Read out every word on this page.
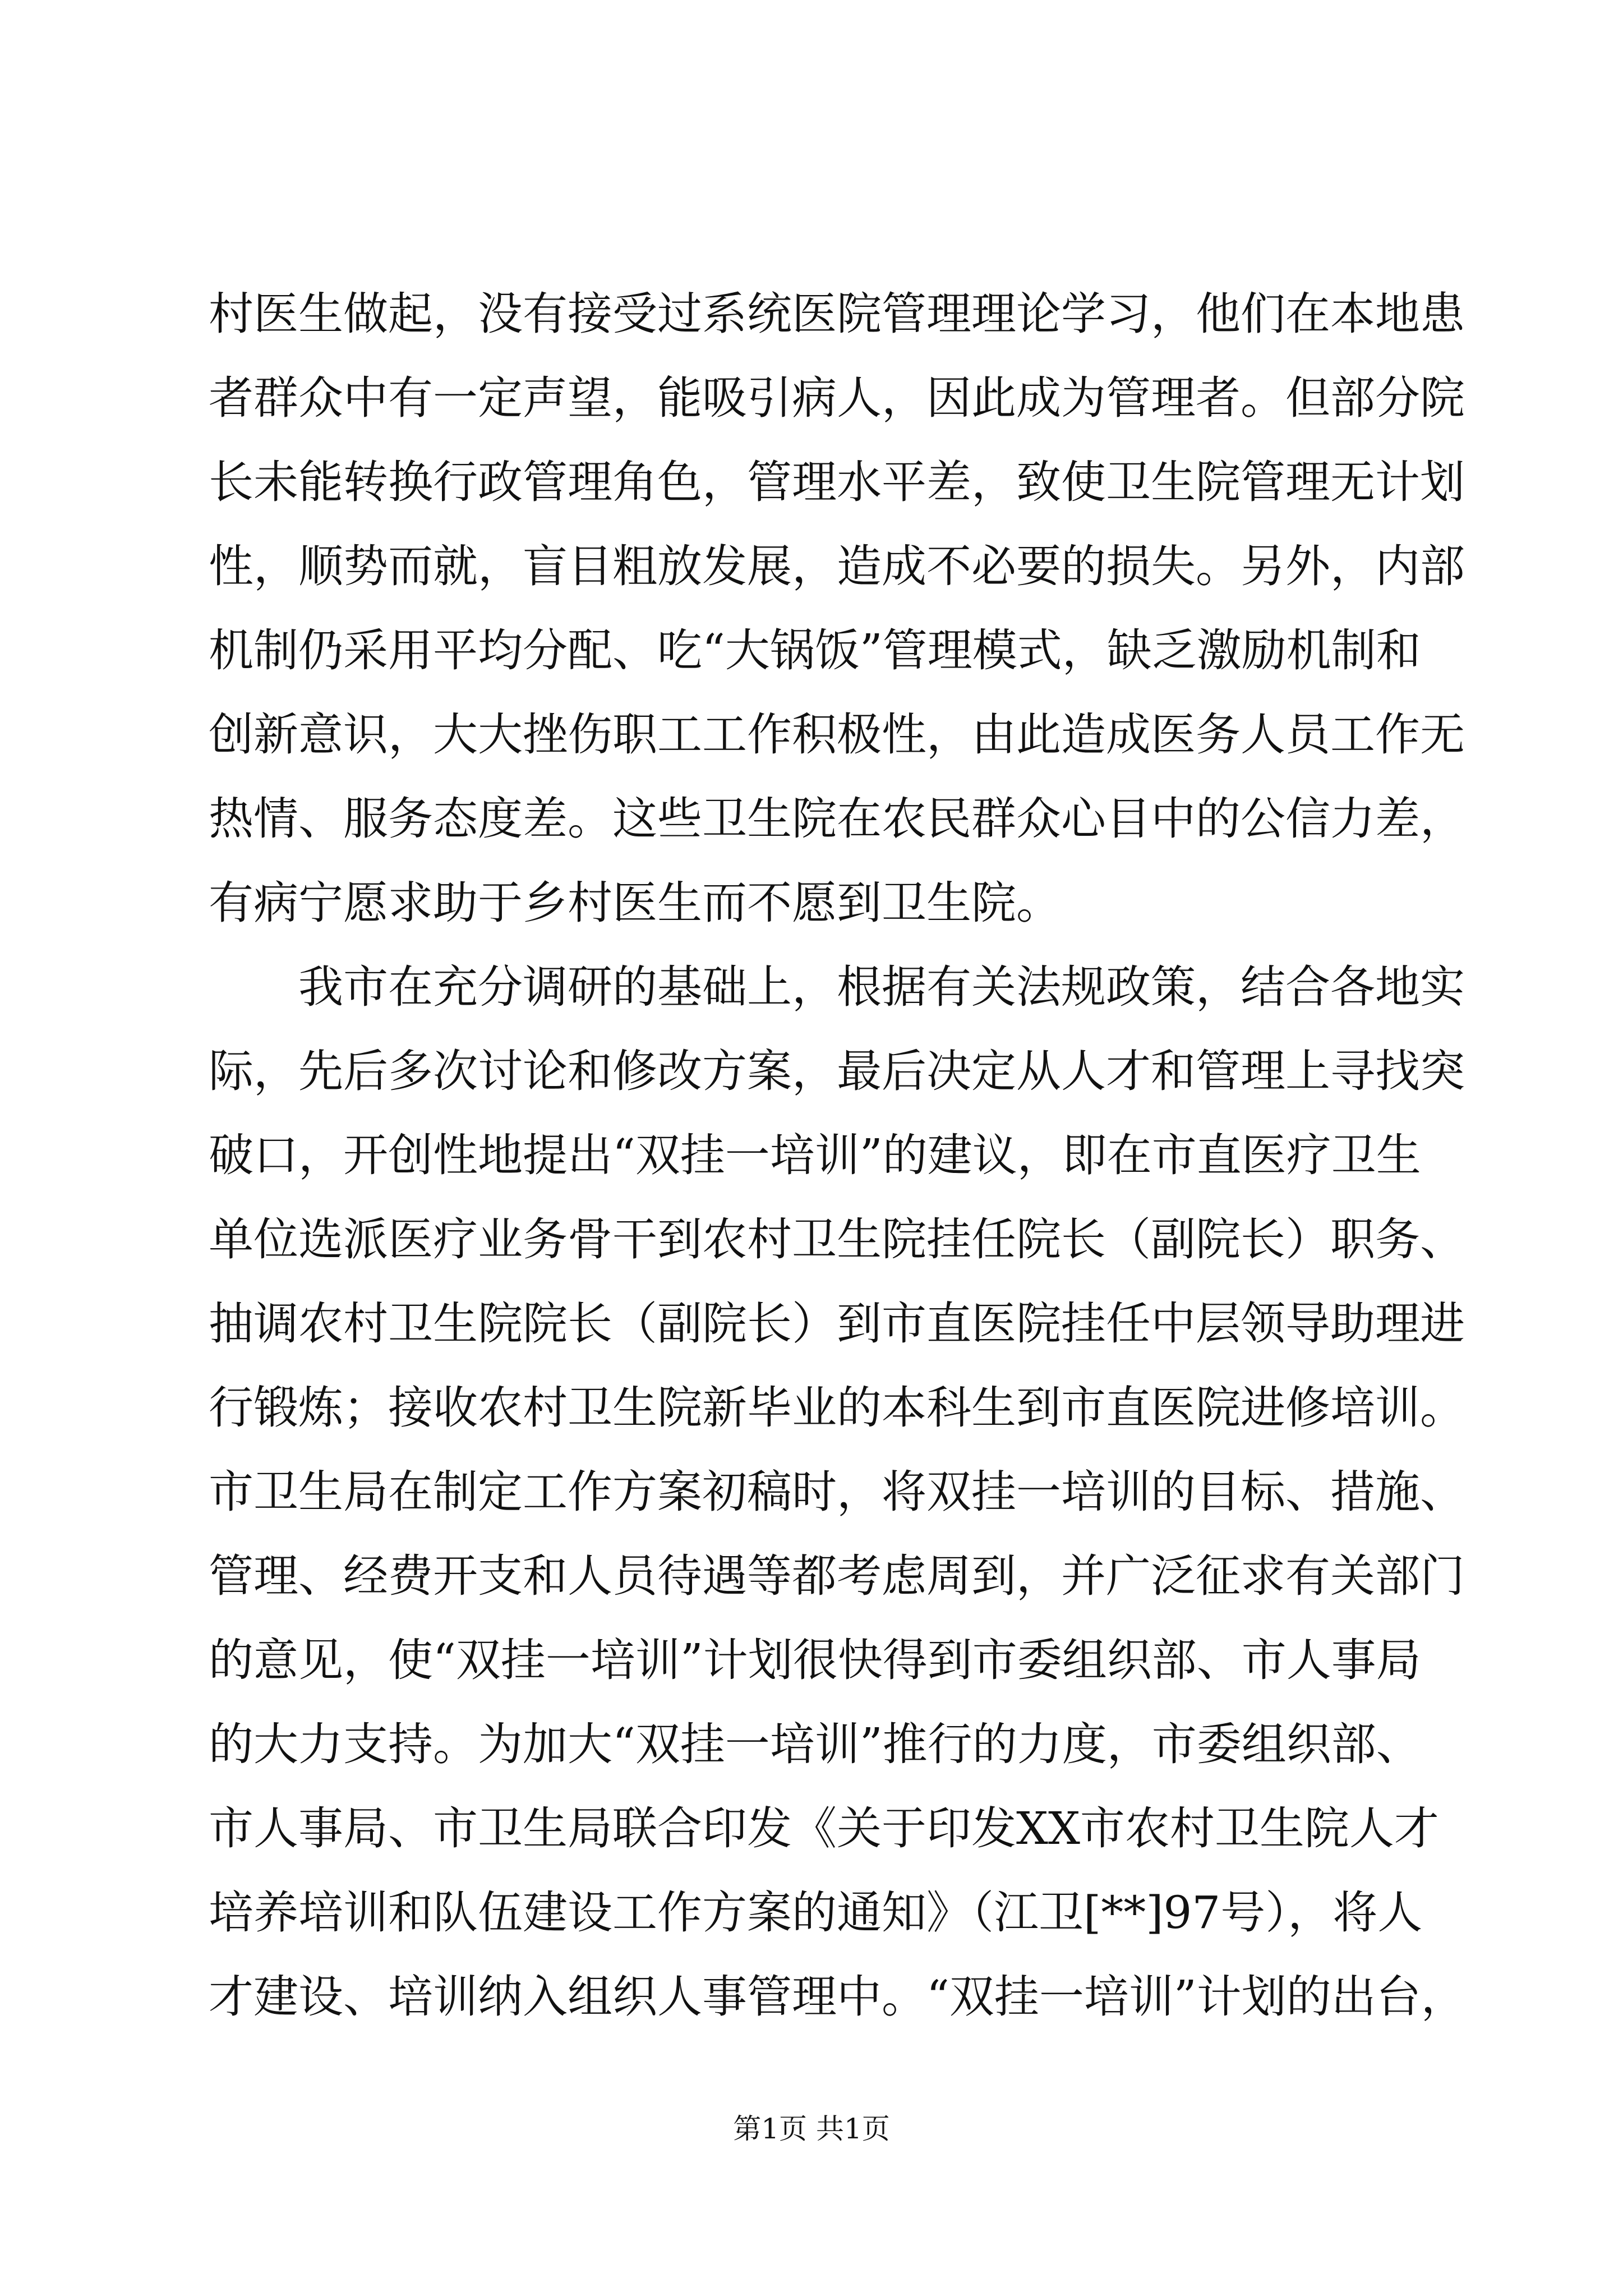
村医生做起，没有接受过系统医院管理理论学习，他们在本地患
者群众中有一定声望，能吸引病人，因此成为管理者。但部分院
长未能转换行政管理角色，管理水平差，致使卫生院管理无计划
性，顺势而就，盲目粗放发展，造成不必要的损失。另外，内部
机制仍采用平均分配、吃“大锅饭”管理模式，缺乏激励机制和
创新意识，大大挫伤职工工作积极性，由此造成医务人员工作无
热情、服务态度差。这些卫生院在农民群众心目中的公信力差，
有病宁愿求助于乡村医生而不愿到卫生院。
我市在充分调研的基础上，根据有关法规政策，结合各地实
际，先后多次讨论和修改方案，最后决定从人才和管理上寻找突
破口，开创性地提出“双挂一培训”的建议，即在市直医疗卫生
单位选派医疗业务骨干到农村卫生院挂任院长（副院长）职务、
抽调农村卫生院院长（副院长）到市直医院挂任中层领导助理进
行锻炼；接收农村卫生院新毕业的本科生到市直医院进修培训。
市卫生局在制定工作方案初稿时，将双挂一培训的目标、措施、
管理、经费开支和人员待遇等都考虑周到，并广泛征求有关部门
的意见，使“双挂一培训”计划很快得到市委组织部、市人事局
的大力支持。为加大“双挂一培训”推行的力度，市委组织部、
市人事局、市卫生局联合印发《关于印发XX市农村卫生院人才
培养培训和队伍建设工作方案的通知》（江卫[**]97号），将人
才建设、培训纳入组织人事管理中。“双挂一培训”计划的出台，
第1页 共1页
